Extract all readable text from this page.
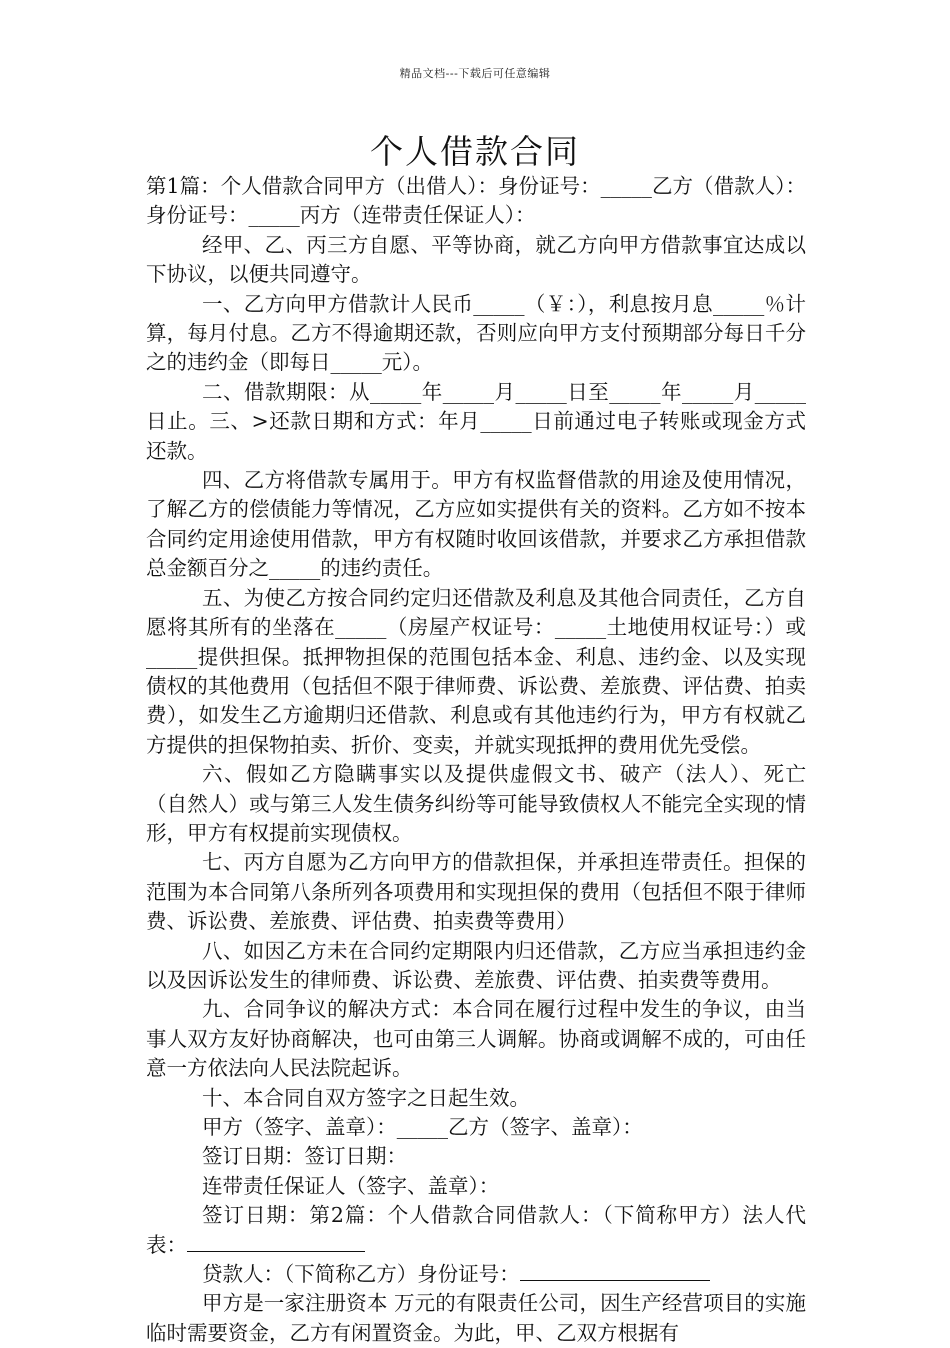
精品文档---下载后可任意编辑
个人借款合同

第1篇：个人借款合同甲方（出借人）：身份证号：_____乙方（借款人）：身份证号：_____丙方（连带责任保证人）：

经甲、乙、丙三方自愿、平等协商，就乙方向甲方借款事宜达成以下协议，以便共同遵守。

一、乙方向甲方借款计人民币_____（￥：），利息按月息_____％计算，每月付息。乙方不得逾期还款，否则应向甲方支付预期部分每日千分之的违约金（即每日_____元）。

二、借款期限：从_____年_____月_____日至_____年_____月_____日止。三、>还款日期和方式：年月_____日前通过电子转账或现金方式还款。

四、乙方将借款专属用于。甲方有权监督借款的用途及使用情况，了解乙方的偿债能力等情况，乙方应如实提供有关的资料。乙方如不按本合同约定用途使用借款，甲方有权随时收回该借款，并要求乙方承担借款总金额百分之_____的违约责任。

五、为使乙方按合同约定归还借款及利息及其他合同责任，乙方自愿将其所有的坐落在_____（房屋产权证号：_____土地使用权证号：）或_____提供担保。抵押物担保的范围包括本金、利息、违约金、以及实现债权的其他费用（包括但不限于律师费、诉讼费、差旅费、评估费、拍卖费），如发生乙方逾期归还借款、利息或有其他违约行为，甲方有权就乙方提供的担保物拍卖、折价、变卖，并就实现抵押的费用优先受偿。

六、假如乙方隐瞒事实以及提供虚假文书、破产（法人）、死亡（自然人）或与第三人发生债务纠纷等可能导致债权人不能完全实现的情形，甲方有权提前实现债权。

七、丙方自愿为乙方向甲方的借款担保，并承担连带责任。担保的范围为本合同第八条所列各项费用和实现担保的费用（包括但不限于律师费、诉讼费、差旅费、评估费、拍卖费等费用）

八、如因乙方未在合同约定期限内归还借款，乙方应当承担违约金以及因诉讼发生的律师费、诉讼费、差旅费、评估费、拍卖费等费用。

九、合同争议的解决方式：本合同在履行过程中发生的争议，由当事人双方友好协商解决，也可由第三人调解。协商或调解不成的，可由任意一方依法向人民法院起诉。

十、本合同自双方签字之日起生效。

甲方（签字、盖章）：_____乙方（签字、盖章）：

签订日期：签订日期：

连带责任保证人（签字、盖章）：

签订日期：第2篇：个人借款合同借款人：（下简称甲方）法人代表：

贷款人：（下简称乙方）身份证号：

甲方是一家注册资本 万元的有限责任公司，因生产经营项目的实施临时需要资金，乙方有闲置资金。为此，甲、乙双方根据有
